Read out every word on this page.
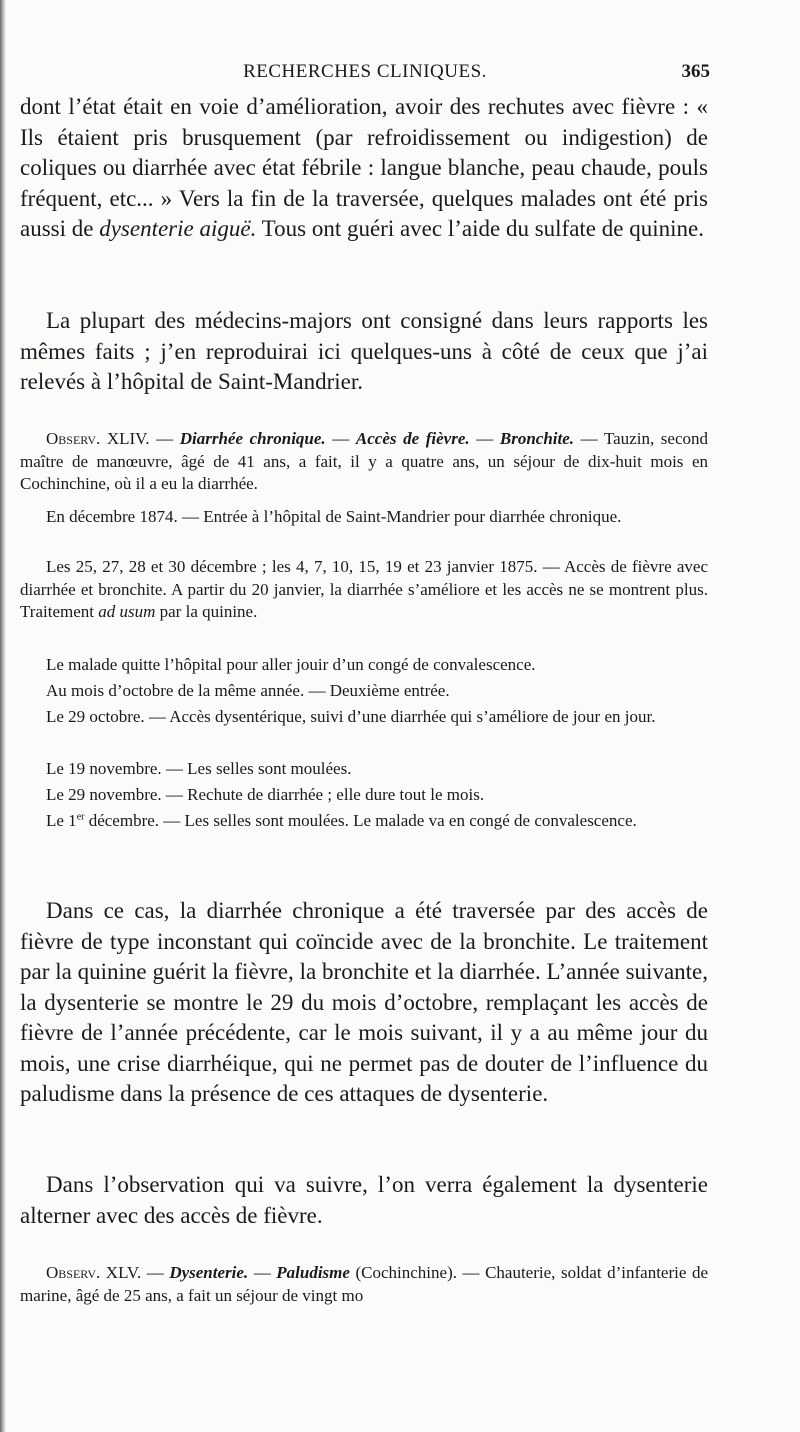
RECHERCHES CLINIQUES.	365

dont l’état était en voie d’amélioration, avoir des rechutes avec fièvre : « Ils étaient pris brusquement (par refroidissement ou indigestion) de coliques ou diarrhée avec état fébrile : langue blanche, peau chaude, pouls fréquent, etc... » Vers la fin de la traversée, quelques malades ont été pris aussi de dysenterie aiguë. Tous ont guéri avec l’aide du sulfate de quinine.

La plupart des médecins-majors ont consigné dans leurs rapports les mêmes faits ; j’en reproduirai ici quelques-uns à côté de ceux que j’ai relevés à l’hôpital de Saint-Mandrier.

Observ. XLIV. — Diarrhée chronique. — Accès de fièvre. — Bronchite. — Tauzin, second maître de manœuvre, âgé de 41 ans, a fait, il y a quatre ans, un séjour de dix-huit mois en Cochinchine, où il a eu la diarrhée.

En décembre 1874. — Entrée à l’hôpital de Saint-Mandrier pour diarrhée chronique.

Les 25, 27, 28 et 30 décembre ; les 4, 7, 10, 15, 19 et 23 janvier 1875. — Accès de fièvre avec diarrhée et bronchite. A partir du 20 janvier, la diarrhée s’améliore et les accès ne se montrent plus. Traitement ad usum par la quinine.

Le malade quitte l’hôpital pour aller jouir d’un congé de convalescence.

Au mois d’octobre de la même année. — Deuxième entrée.

Le 29 octobre. — Accès dysentérique, suivi d’une diarrhée qui s’améliore de jour en jour.

Le 19 novembre. — Les selles sont moulées.

Le 29 novembre. — Rechute de diarrhée ; elle dure tout le mois.

Le 1er décembre. — Les selles sont moulées. Le malade va en congé de convalescence.

Dans ce cas, la diarrhée chronique a été traversée par des accès de fièvre de type inconstant qui coïncide avec de la bronchite. Le traitement par la quinine guérit la fièvre, la bronchite et la diarrhée. L’année suivante, la dysenterie se montre le 29 du mois d’octobre, remplaçant les accès de fièvre de l’année précédente, car le mois suivant, il y a au même jour du mois, une crise diarrhéique, qui ne permet pas de douter de l’influence du paludisme dans la présence de ces attaques de dysenterie.

Dans l’observation qui va suivre, l’on verra également la dysenterie alterner avec des accès de fièvre.

Observ. XLV. — Dysenterie. — Paludisme (Cochinchine). — Chauterie, soldat d’infanterie de marine, âgé de 25 ans, a fait un séjour de vingt mo
